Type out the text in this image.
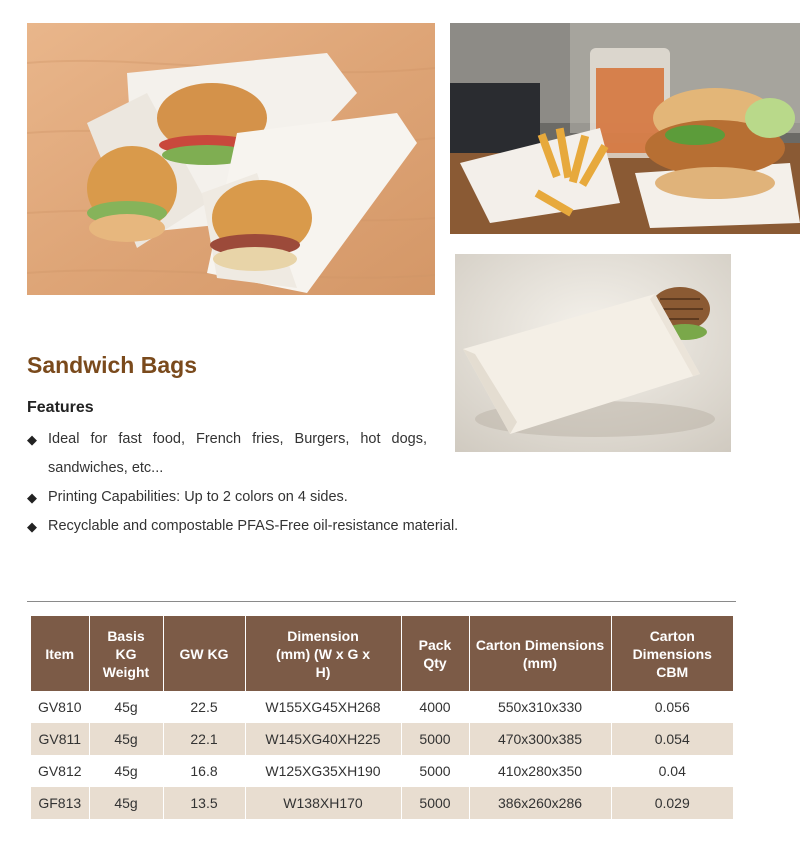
Sandwich Bags
Features
◆ Ideal for fast food, French fries, Burgers, hot dogs, sandwiches, etc...
◆ Printing Capabilities: Up to 2 colors on 4 sides.
◆ Recyclable and compostable PFAS-Free oil-resistance material.
Item	Basis KG Weight	GW KG	Dimension (mm) (W x G x H)	Pack Qty	Carton Dimensions (mm)	Carton Dimensions CBM
GV810	45g	22.5	W155XG45XH268	4000	550x310x330	0.056
GV811	45g	22.1	W145XG40XH225	5000	470x300x385	0.054
GV812	45g	16.8	W125XG35XH190	5000	410x280x350	0.04
GF813	45g	13.5	W138XH170	5000	386x260x286	0.029
